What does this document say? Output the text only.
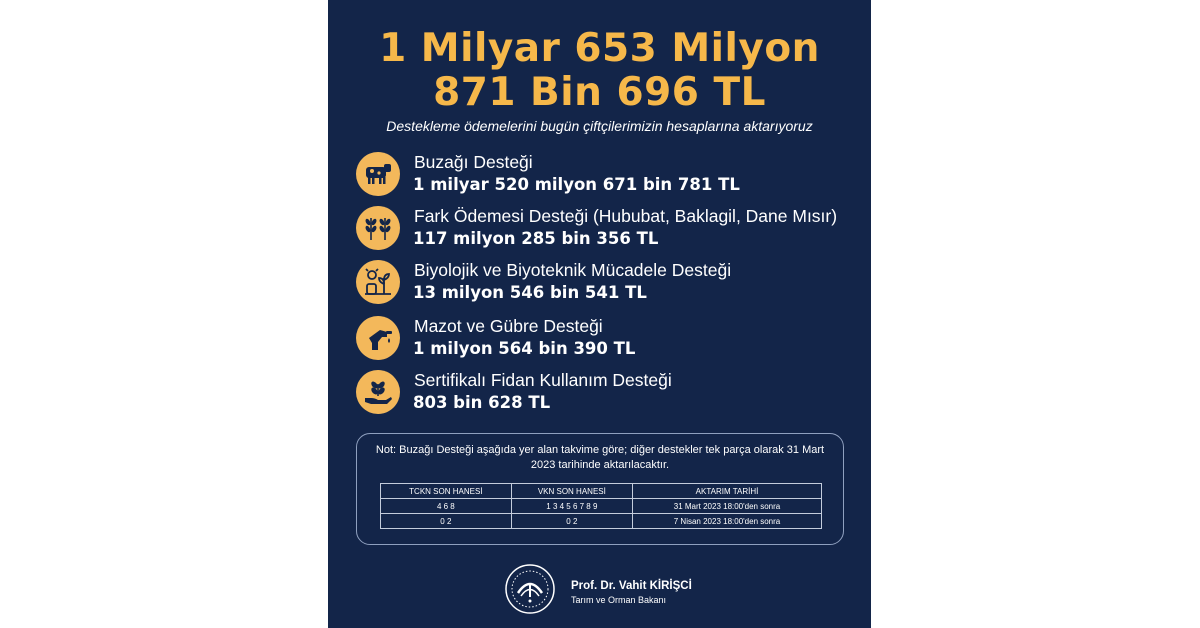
1 Milyar 653 Milyon
871 Bin 696 TL
Destekleme ödemelerini bugün çiftçilerimizin hesaplarına aktarıyoruz
Buzağı Desteği
1 milyar 520 milyon 671 bin 781 TL
Fark Ödemesi Desteği (Hububat, Baklagil, Dane Mısır)
117 milyon 285 bin 356 TL
Biyolojik ve Biyoteknik Mücadele Desteği
13 milyon 546 bin 541 TL
Mazot ve Gübre Desteği
1 milyon 564 bin 390 TL
Sertifikalı Fidan Kullanım Desteği
803 bin 628 TL
Not: Buzağı Desteği aşağıda yer alan takvime göre; diğer destekler tek parça olarak 31 Mart 2023 tarihinde aktarılacaktır.
TCKN SON HANESİ	VKN SON HANESİ	AKTARIM TARİHİ
4 6 8	1 3 4 5 6 7 8 9	31 Mart 2023 18:00'den sonra
0 2	0 2	7 Nisan 2023 18:00'den sonra
Prof. Dr. Vahit KİRİŞCİ
Tarım ve Orman Bakanı
